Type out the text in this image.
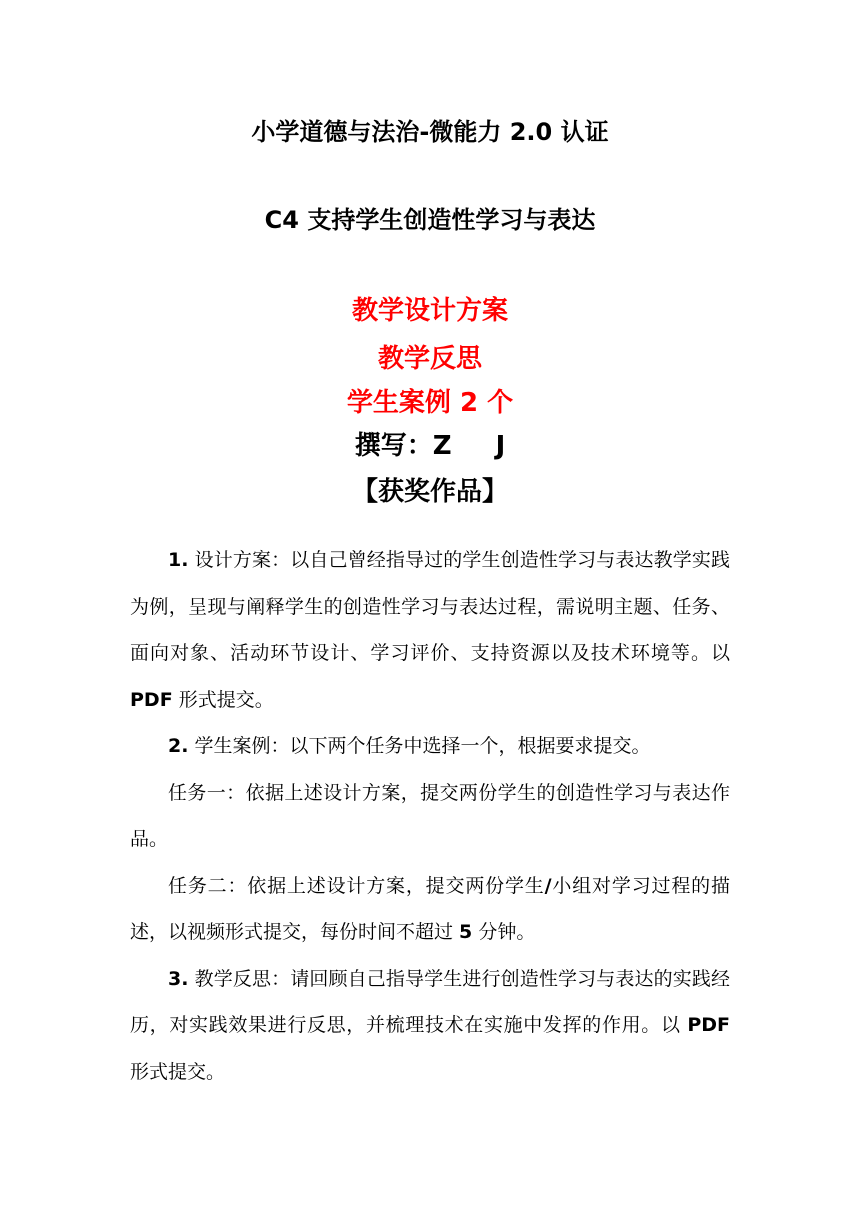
小学道德与法治-微能力 2.0 认证
C4 支持学生创造性学习与表达
教学设计方案
教学反思
学生案例 2 个
撰写：Z J
【获奖作品】

1. 设计方案：以自己曾经指导过的学生创造性学习与表达教学实践为例，呈现与阐释学生的创造性学习与表达过程，需说明主题、任务、面向对象、活动环节设计、学习评价、支持资源以及技术环境等。以 PDF 形式提交。

2. 学生案例：以下两个任务中选择一个，根据要求提交。

任务一：依据上述设计方案，提交两份学生的创造性学习与表达作品。

任务二：依据上述设计方案，提交两份学生/小组对学习过程的描述，以视频形式提交，每份时间不超过 5 分钟。

3. 教学反思：请回顾自己指导学生进行创造性学习与表达的实践经历，对实践效果进行反思，并梳理技术在实施中发挥的作用。以 PDF 形式提交。
